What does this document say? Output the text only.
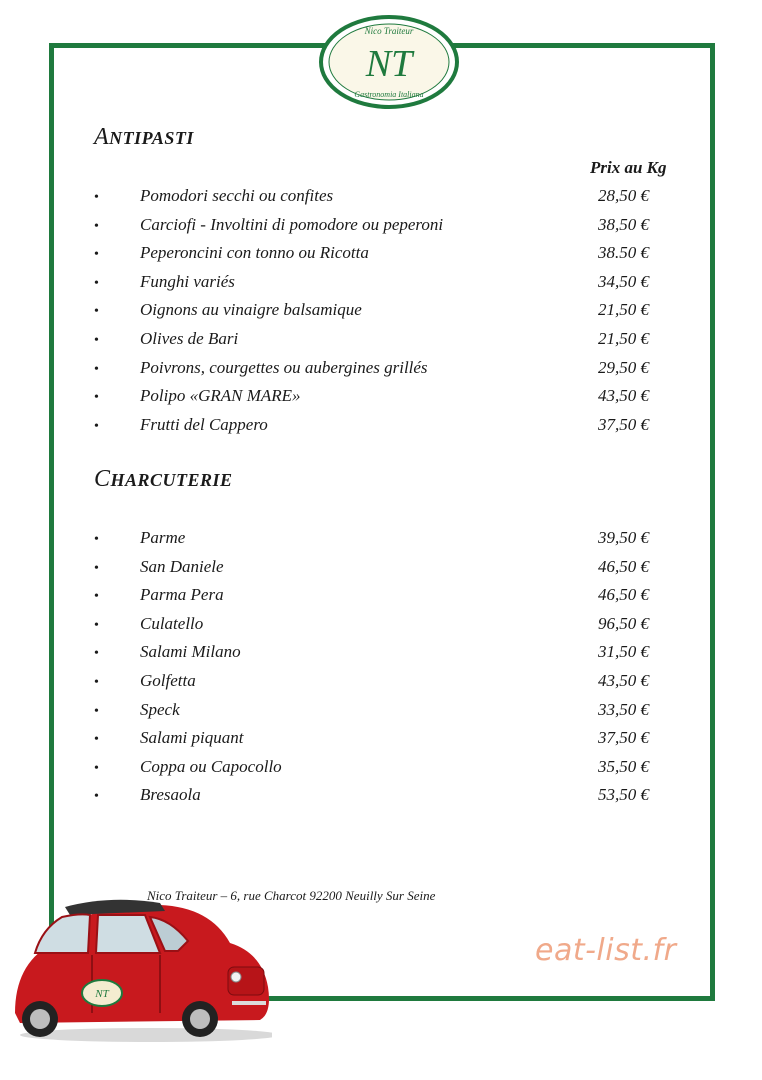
Nico Traiteur
NT
Gastronomia Italiana
ANTIPASTI
Prix au Kg
• Pomodori secchi ou confites	28,50 €
• Carciofi - Involtini di pomodore ou peperoni	38,50 €
• Peperoncini con tonno ou Ricotta	38.50 €
• Funghi variés	34,50 €
• Oignons au vinaigre balsamique	21,50 €
• Olives de Bari	21,50 €
• Poivrons, courgettes ou aubergines grillés	29,50 €
• Polipo «GRAN MARE»	43,50 €
• Frutti del Cappero	37,50 €
CHARCUTERIE
• Parme	39,50 €
• San Daniele	46,50 €
• Parma Pera	46,50 €
• Culatello	96,50 €
• Salami Milano	31,50 €
• Golfetta	43,50 €
• Speck	33,50 €
• Salami piquant	37,50 €
• Coppa ou Capocollo	35,50 €
• Bresaola	53,50 €
Nico Traiteur – 6, rue Charcot 92200 Neuilly Sur Seine
eat-list.fr
NT
